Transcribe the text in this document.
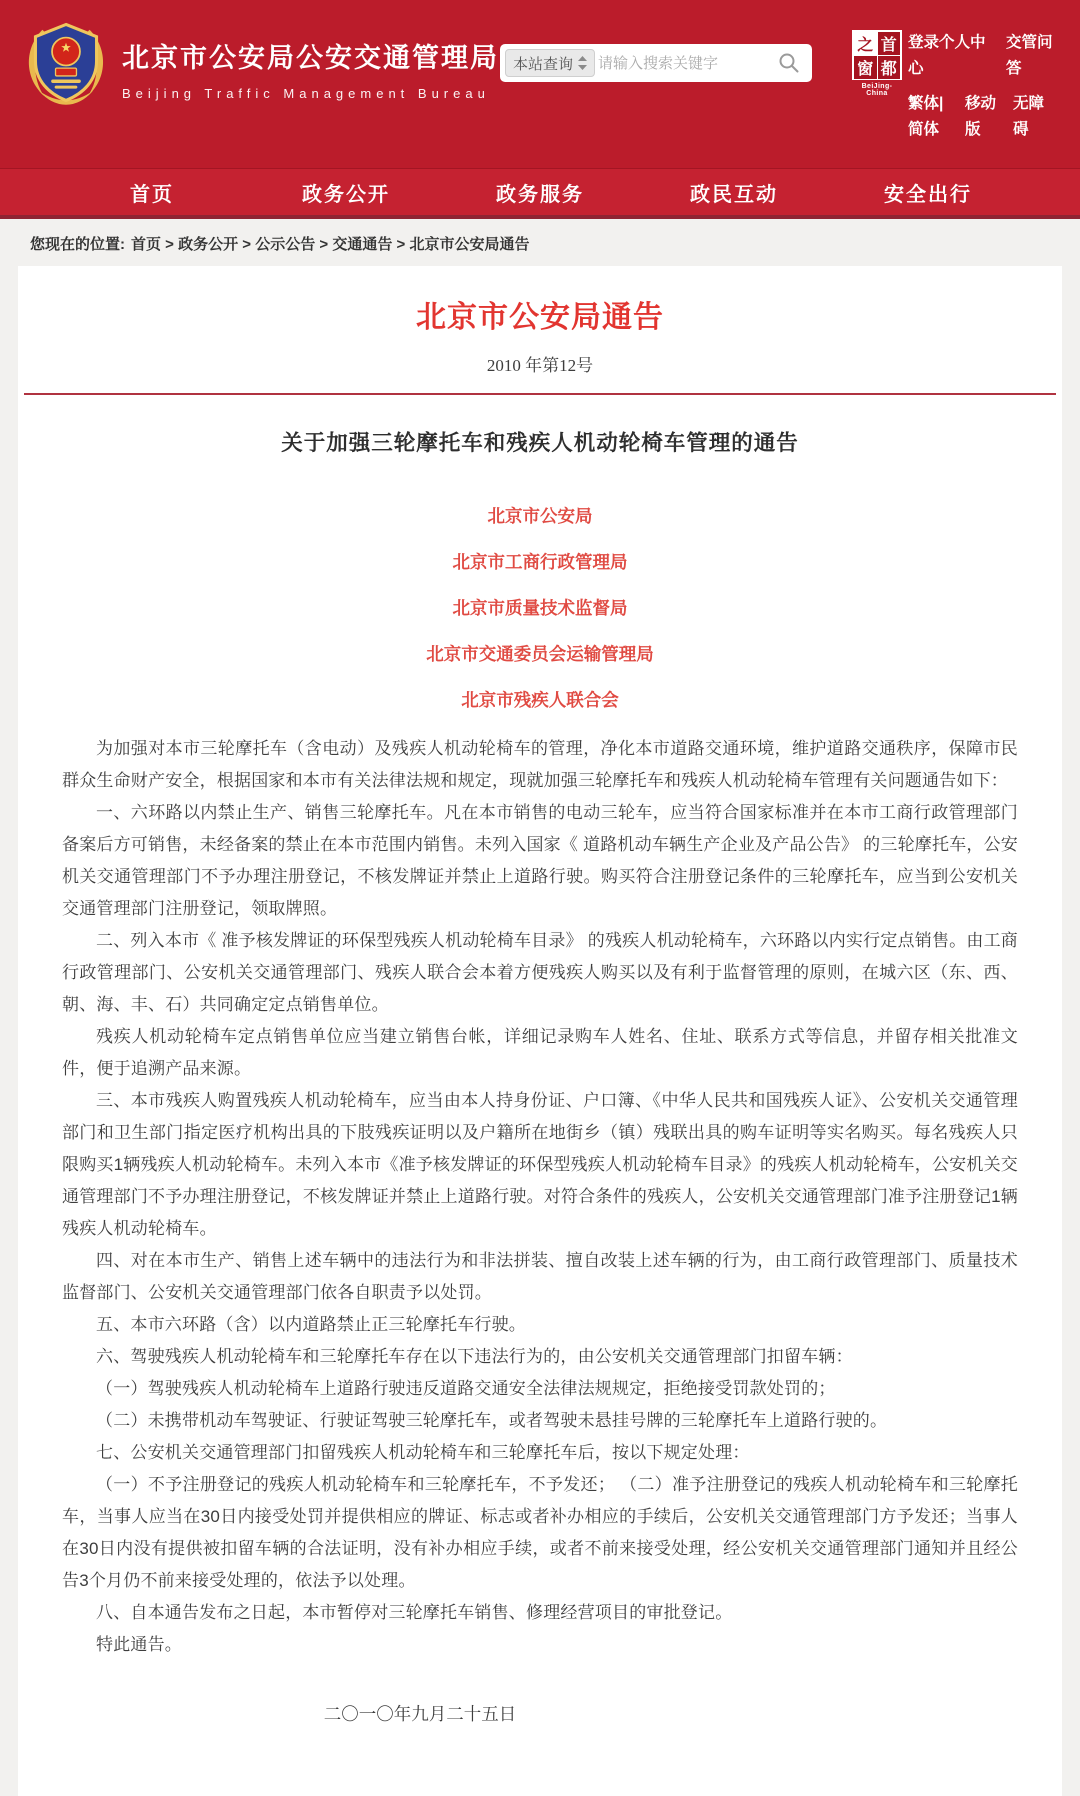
北京市公安局公安交通管理局
Beijing Traffic Management Bureau
本站查询
请输入搜索关键字
之 首
窗 都
BeiJing-China
登录个人中心
交管问答
繁体|简体
移动版
无障碍
首页	政务公开	政务服务	政民互动	安全出行
您现在的位置: 首页 > 政务公开 > 公示公告 > 交通通告 > 北京市公安局通告
北京市公安局通告
2010 年第12号
关于加强三轮摩托车和残疾人机动轮椅车管理的通告

北京市公安局

北京市工商行政管理局

北京市质量技术监督局

北京市交通委员会运输管理局

北京市残疾人联合会

为加强对本市三轮摩托车（含电动）及残疾人机动轮椅车的管理，净化本市道路交通环境，维护道路交通秩序，保障市民群众生命财产安全，根据国家和本市有关法律法规和规定，现就加强三轮摩托车和残疾人机动轮椅车管理有关问题通告如下：

一、六环路以内禁止生产、销售三轮摩托车。凡在本市销售的电动三轮车，应当符合国家标准并在本市工商行政管理部门备案后方可销售，未经备案的禁止在本市范围内销售。未列入国家《 道路机动车辆生产企业及产品公告》 的三轮摩托车，公安机关交通管理部门不予办理注册登记，不核发牌证并禁止上道路行驶。购买符合注册登记条件的三轮摩托车，应当到公安机关交通管理部门注册登记，领取牌照。

二、列入本市《 准予核发牌证的环保型残疾人机动轮椅车目录》 的残疾人机动轮椅车，六环路以内实行定点销售。由工商行政管理部门、公安机关交通管理部门、残疾人联合会本着方便残疾人购买以及有利于监督管理的原则，在城六区（东、西、朝、海、丰、石）共同确定定点销售单位。

残疾人机动轮椅车定点销售单位应当建立销售台帐，详细记录购车人姓名、住址、联系方式等信息，并留存相关批准文件，便于追溯产品来源。

三、本市残疾人购置残疾人机动轮椅车，应当由本人持身份证、户口簿、《中华人民共和国残疾人证》、公安机关交通管理部门和卫生部门指定医疗机构出具的下肢残疾证明以及户籍所在地街乡（镇）残联出具的购车证明等实名购买。每名残疾人只限购买1辆残疾人机动轮椅车。未列入本市《准予核发牌证的环保型残疾人机动轮椅车目录》的残疾人机动轮椅车，公安机关交通管理部门不予办理注册登记，不核发牌证并禁止上道路行驶。对符合条件的残疾人，公安机关交通管理部门准予注册登记1辆残疾人机动轮椅车。

四、对在本市生产、销售上述车辆中的违法行为和非法拼装、擅自改装上述车辆的行为，由工商行政管理部门、质量技术监督部门、公安机关交通管理部门依各自职责予以处罚。

五、本市六环路（含）以内道路禁止正三轮摩托车行驶。

六、驾驶残疾人机动轮椅车和三轮摩托车存在以下违法行为的，由公安机关交通管理部门扣留车辆：

（一）驾驶残疾人机动轮椅车上道路行驶违反道路交通安全法律法规规定，拒绝接受罚款处罚的；

（二）未携带机动车驾驶证、行驶证驾驶三轮摩托车，或者驾驶未悬挂号牌的三轮摩托车上道路行驶的。

七、公安机关交通管理部门扣留残疾人机动轮椅车和三轮摩托车后，按以下规定处理：

（一）不予注册登记的残疾人机动轮椅车和三轮摩托车，不予发还； （二）准予注册登记的残疾人机动轮椅车和三轮摩托车，当事人应当在30日内接受处罚并提供相应的牌证、标志或者补办相应的手续后，公安机关交通管理部门方予发还；当事人在30日内没有提供被扣留车辆的合法证明，没有补办相应手续，或者不前来接受处理，经公安机关交通管理部门通知并且经公告3个月仍不前来接受处理的，依法予以处理。

八、自本通告发布之日起，本市暂停对三轮摩托车销售、修理经营项目的审批登记。

特此通告。

二〇一〇年九月二十五日
